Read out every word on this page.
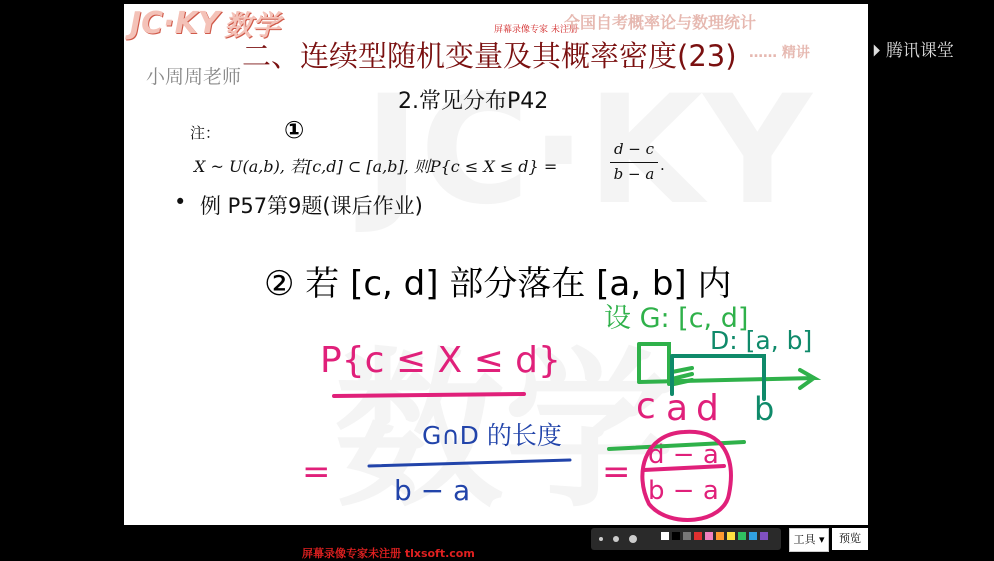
JC·KY 数学
小周周老师
二、连续型随机变量及其概率密度(23)
屏幕录像专家 未注册
全国自考概率论与数理统计
…… 精讲
2.常见分布P42
注：
X ~ U(a,b), 若[c,d] ⊂ [a,b], 则P{c ≤ X ≤ d} =
d − c
b − a .
• 例 P57第9题(课后作业)
①
② 若 [c, d] 部分落在 [a, b] 内
设 G: [c, d]
D: [a, b]
P{c ≤ X ≤ d}
=
G∩D 的长度
b − a	= d − a
b − a
c a d b
⏵ 腾讯课堂
工具 ▾	预览
屏幕录像专家未注册 tlxsoft.com
